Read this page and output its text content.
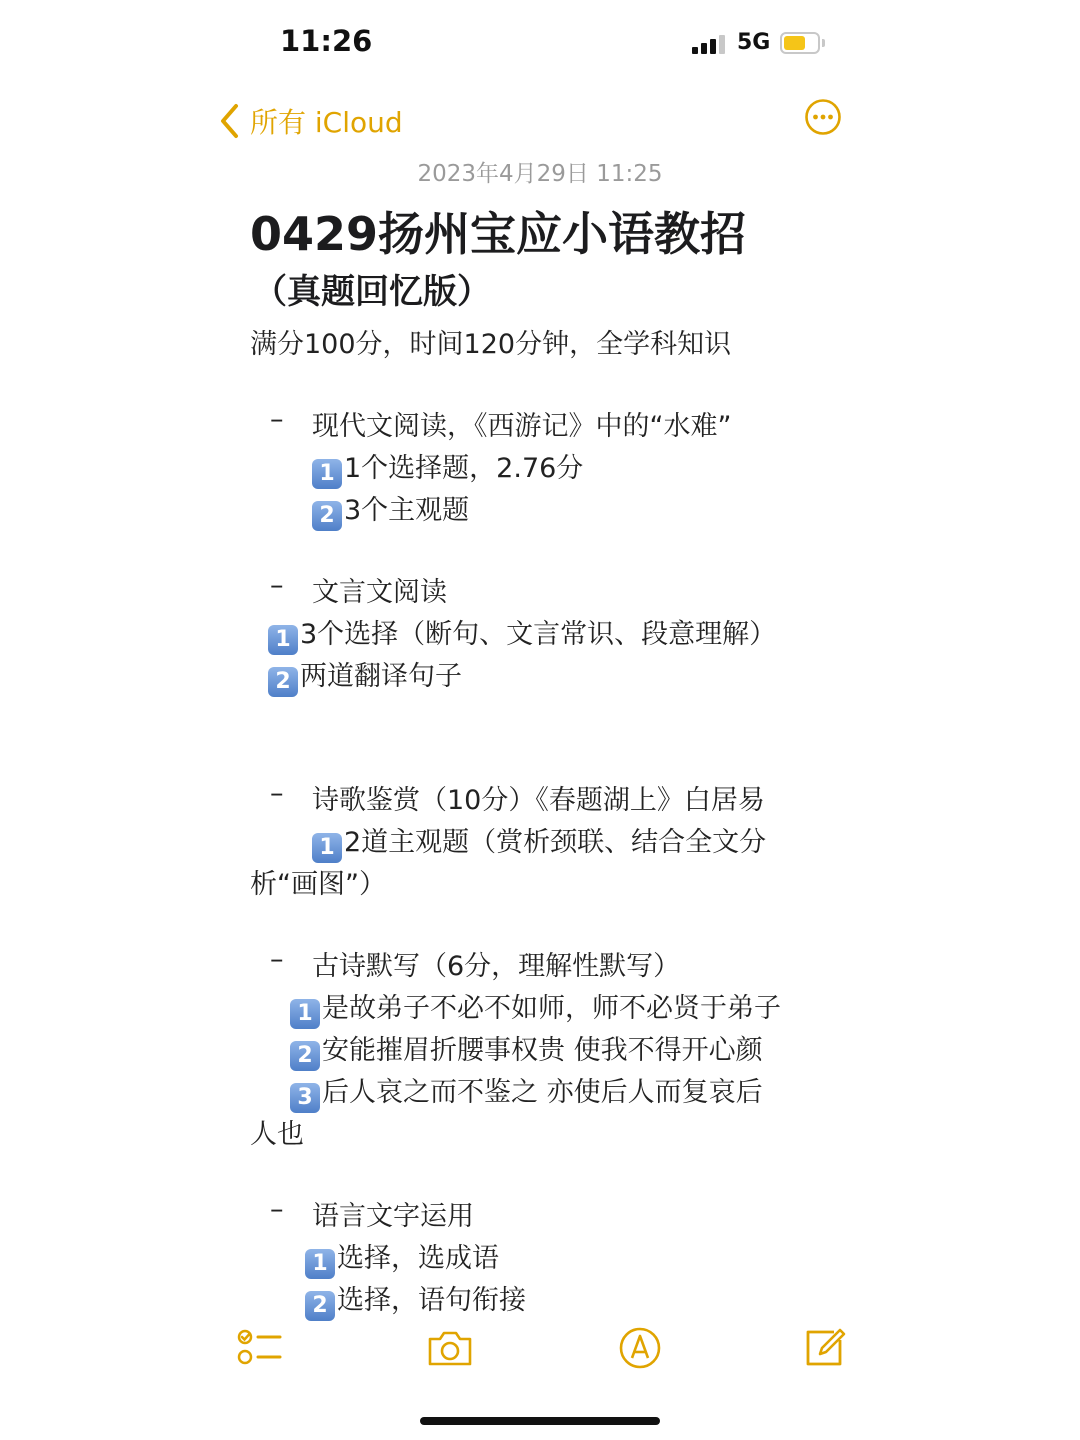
11:26	5G
所有 iCloud
2023年4月29日 11:25
0429扬州宝应小语教招
（真题回忆版）
满分100分，时间120分钟，全学科知识
– 现代文阅读，《西游记》中的“水难”
1 1个选择题，2.76分
2 3个主观题
– 文言文阅读
1 3个选择（断句、文言常识、段意理解）
2 两道翻译句子
– 诗歌鉴赏（10分）《春题湖上》白居易
1 2道主观题（赏析颈联、结合全文分
析“画图”）
– 古诗默写（6分，理解性默写）
1 是故弟子不必不如师，师不必贤于弟子
2 安能摧眉折腰事权贵 使我不得开心颜
3 后人哀之而不鉴之 亦使后人而复哀后
人也
– 语言文字运用
1 选择，选成语
2 选择，语句衔接
